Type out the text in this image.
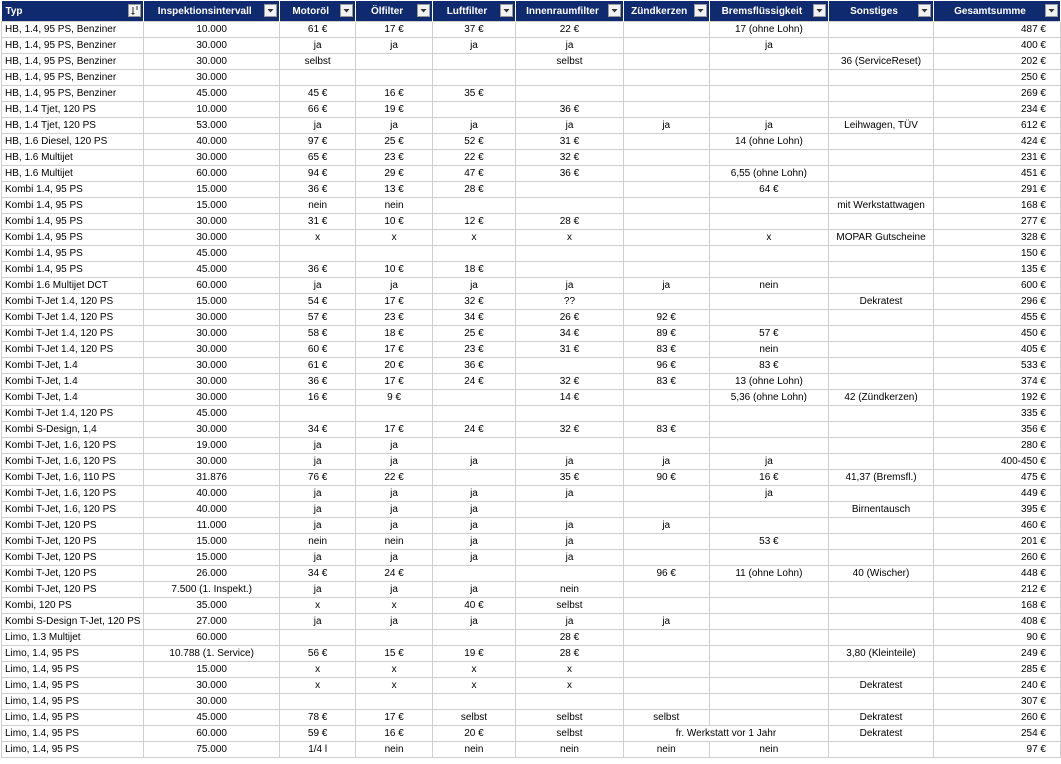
Typ	Inspektionsintervall	Motoröl	Ölfilter	Luftfilter	Innenraumfilter	Zündkerzen	Bremsflüssigkeit	Sonstiges	Gesamtsumme

HB, 1.4, 95 PS, Benziner	10.000	61 €	17 €	37 €	22 €		17 (ohne Lohn)		487 €
HB, 1.4, 95 PS, Benziner	30.000	ja	ja	ja	ja		ja		400 €
HB, 1.4, 95 PS, Benziner	30.000	selbst			selbst			36 (ServiceReset)	202 €
HB, 1.4, 95 PS, Benziner	30.000								250 €
HB, 1.4, 95 PS, Benziner	45.000	45 €	16 €	35 €					269 €
HB, 1.4 Tjet, 120 PS	10.000	66 €	19 €		36 €				234 €
HB, 1.4 Tjet, 120 PS	53.000	ja	ja	ja	ja	ja	ja	Leihwagen, TÜV	612 €
HB, 1.6 Diesel, 120 PS	40.000	97 €	25 €	52 €	31 €		14 (ohne Lohn)		424 €
HB, 1.6 Multijet	30.000	65 €	23 €	22 €	32 €				231 €
HB, 1.6 Multijet	60.000	94 €	29 €	47 €	36 €		6,55 (ohne Lohn)		451 €
Kombi 1.4, 95 PS	15.000	36 €	13 €	28 €			64 €		291 €
Kombi 1.4, 95 PS	15.000	nein	nein					mit Werkstattwagen	168 €
Kombi 1.4, 95 PS	30.000	31 €	10 €	12 €	28 €				277 €
Kombi 1.4, 95 PS	30.000	x	x	x	x		x	MOPAR Gutscheine	328 €
Kombi 1.4, 95 PS	45.000								150 €
Kombi 1.4, 95 PS	45.000	36 €	10 €	18 €					135 €
Kombi 1.6 Multijet DCT	60.000	ja	ja	ja	ja	ja	nein		600 €
Kombi T-Jet 1.4, 120 PS	15.000	54 €	17 €	32 €	??			Dekratest	296 €
Kombi T-Jet 1.4, 120 PS	30.000	57 €	23 €	34 €	26 €	92 €			455 €
Kombi T-Jet 1.4, 120 PS	30.000	58 €	18 €	25 €	34 €	89 €	57 €		450 €
Kombi T-Jet 1.4, 120 PS	30.000	60 €	17 €	23 €	31 €	83 €	nein		405 €
Kombi T-Jet, 1.4	30.000	61 €	20 €	36 €		96 €	83 €		533 €
Kombi T-Jet, 1.4	30.000	36 €	17 €	24 €	32 €	83 €	13 (ohne Lohn)		374 €
Kombi T-Jet, 1.4	30.000	16 €	9 €		14 €		5,36 (ohne Lohn)	42 (Zündkerzen)	192 €
Kombi T-Jet 1.4, 120 PS	45.000								335 €
Kombi S-Design, 1,4	30.000	34 €	17 €	24 €	32 €	83 €			356 €
Kombi T-Jet, 1.6, 120 PS	19.000	ja	ja						280 €
Kombi T-Jet, 1.6, 120 PS	30.000	ja	ja	ja	ja	ja	ja		400-450 €
Kombi T-Jet, 1.6, 110 PS	31.876	76 €	22 €		35 €	90 €	16 €	41,37 (Bremsfl.)	475 €
Kombi T-Jet, 1.6, 120 PS	40.000	ja	ja	ja	ja		ja		449 €
Kombi T-Jet, 1.6, 120 PS	40.000	ja	ja	ja				Birnentausch	395 €
Kombi T-Jet, 120 PS	11.000	ja	ja	ja	ja	ja			460 €
Kombi T-Jet, 120 PS	15.000	nein	nein	ja	ja		53 €		201 €
Kombi T-Jet, 120 PS	15.000	ja	ja	ja	ja				260 €
Kombi T-Jet, 120 PS	26.000	34 €	24 €			96 €	11 (ohne Lohn)	40 (Wischer)	448 €
Kombi T-Jet, 120 PS	7.500 (1. Inspekt.)	ja	ja	ja	nein				212 €
Kombi, 120 PS	35.000	x	x	40 €	selbst				168 €
Kombi S-Design T-Jet, 120 PS	27.000	ja	ja	ja	ja	ja			408 €
Limo, 1.3 Multijet	60.000				28 €				90 €
Limo, 1.4, 95 PS	10.788 (1. Service)	56 €	15 €	19 €	28 €			3,80 (Kleinteile)	249 €
Limo, 1.4, 95 PS	15.000	x	x	x	x				285 €
Limo, 1.4, 95 PS	30.000	x	x	x	x			Dekratest	240 €
Limo, 1.4, 95 PS	30.000								307 €
Limo, 1.4, 95 PS	45.000	78 €	17 €	selbst	selbst	selbst		Dekratest	260 €
Limo, 1.4, 95 PS	60.000	59 €	16 €	20 €	selbst	fr. Werkstatt vor 1 Jahr		Dekratest	254 €
Limo, 1.4, 95 PS	75.000	1/4 l	nein	nein	nein	nein	nein		97 €
